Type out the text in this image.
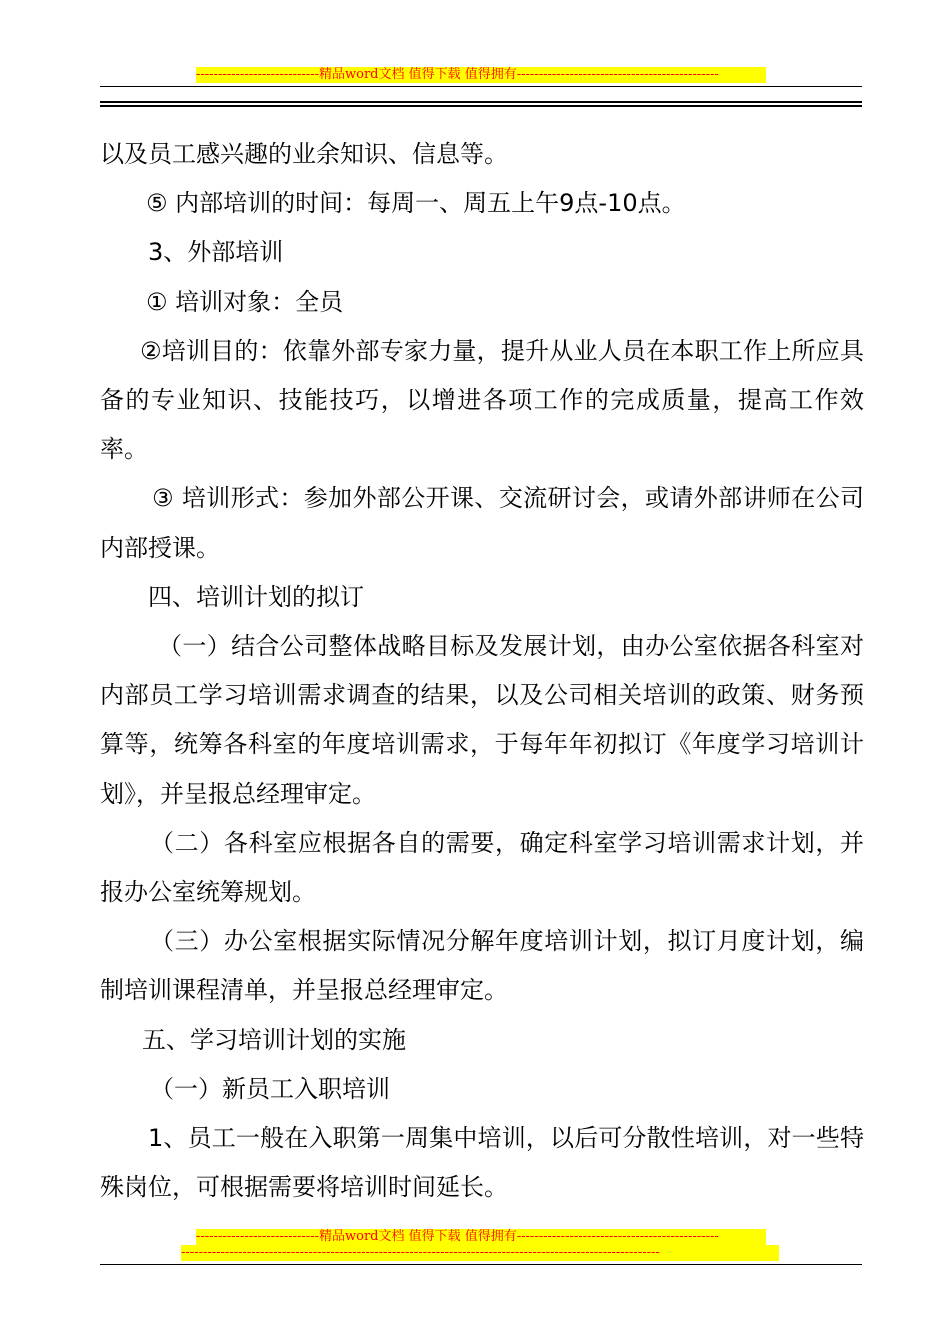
----------------------------精品word文档 值得下载 值得拥有----------------------------------------------

以及员工感兴趣的业余知识、信息等。

⑤ 内部培训的时间：每周一、周五上午9点-10点。

3、外部培训

① 培训对象：全员

②培训目的：依靠外部专家力量，提升从业人员在本职工作上所应具备的专业知识、技能技巧，以增进各项工作的完成质量，提高工作效率。

③ 培训形式：参加外部公开课、交流研讨会，或请外部讲师在公司内部授课。

四、培训计划的拟订

（一）结合公司整体战略目标及发展计划，由办公室依据各科室对内部员工学习培训需求调查的结果，以及公司相关培训的政策、财务预算等，统筹各科室的年度培训需求，于每年年初拟订《年度学习培训计划》，并呈报总经理审定。

（二）各科室应根据各自的需要，确定科室学习培训需求计划，并报办公室统筹规划。

（三）办公室根据实际情况分解年度培训计划，拟订月度计划，编制培训课程清单，并呈报总经理审定。

五、学习培训计划的实施

（一）新员工入职培训

1、员工一般在入职第一周集中培训，以后可分散性培训，对一些特殊岗位，可根据需要将培训时间延长。

----------------------------精品word文档 值得下载 值得拥有----------------------------------------------
-------------------------------------------------------------------------------------------------------------
